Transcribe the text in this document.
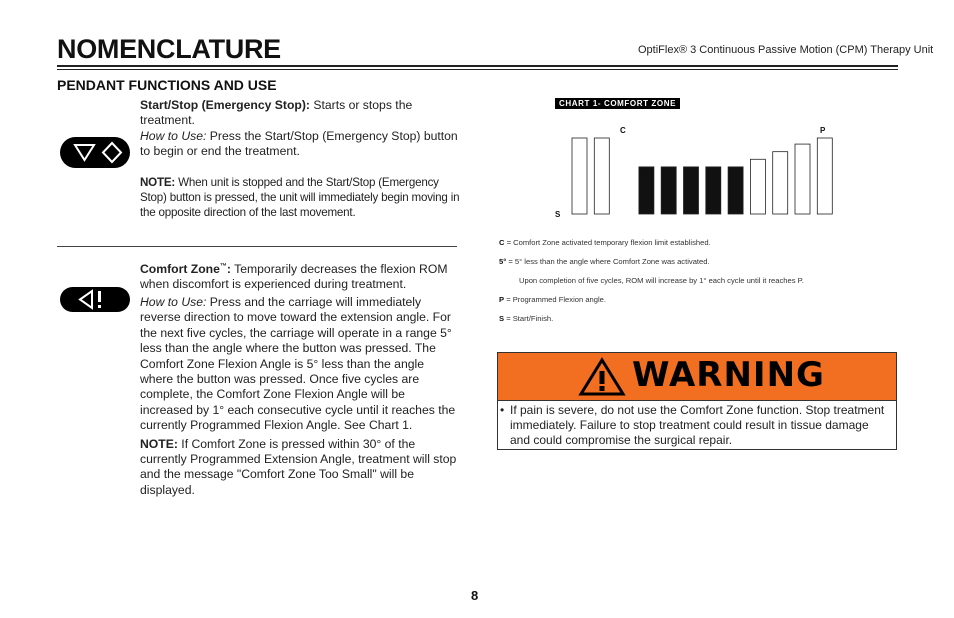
NOMENCLATURE	OptiFlex® 3 Continuous Passive Motion (CPM) Therapy Unit
PENDANT FUNCTIONS AND USE
Start/Stop (Emergency Stop): Starts or stops the treatment.
How to Use: Press the Start/Stop (Emergency Stop) button to begin or end the treatment.
NOTE: When unit is stopped and the Start/Stop (Emergency Stop) button is pressed, the unit will immediately begin moving in the opposite direction of the last movement.
Comfort Zone™: Temporarily decreases the flexion ROM when discomfort is experienced during treatment.
How to Use: Press and the carriage will immediately reverse direction to move toward the extension angle. For the next five cycles, the carriage will operate in a range 5° less than the angle where the button was pressed. The Comfort Zone Flexion Angle is 5° less than the angle where the button was pressed. Once five cycles are complete, the Comfort Zone Flexion Angle will be increased by 1° each consecutive cycle until it reaches the currently Programmed Flexion Angle. See Chart 1.
NOTE: If Comfort Zone is pressed within 30° of the currently Programmed Extension Angle, treatment will stop and the message "Comfort Zone Too Small" will be displayed.
CHART 1- COMFORT ZONE
C	P
S
5°
C = Comfort Zone activated temporary flexion limit established.
5° = 5° less than the angle where Comfort Zone was activated.
Upon completion of five cycles, ROM will increase by 1° each cycle until it reaches P.
P = Programmed Flexion angle.
S = Start/Finish.
WARNING
• If pain is severe, do not use the Comfort Zone function. Stop treatment immediately. Failure to stop treatment could result in tissue damage and could compromise the surgical repair.
8
